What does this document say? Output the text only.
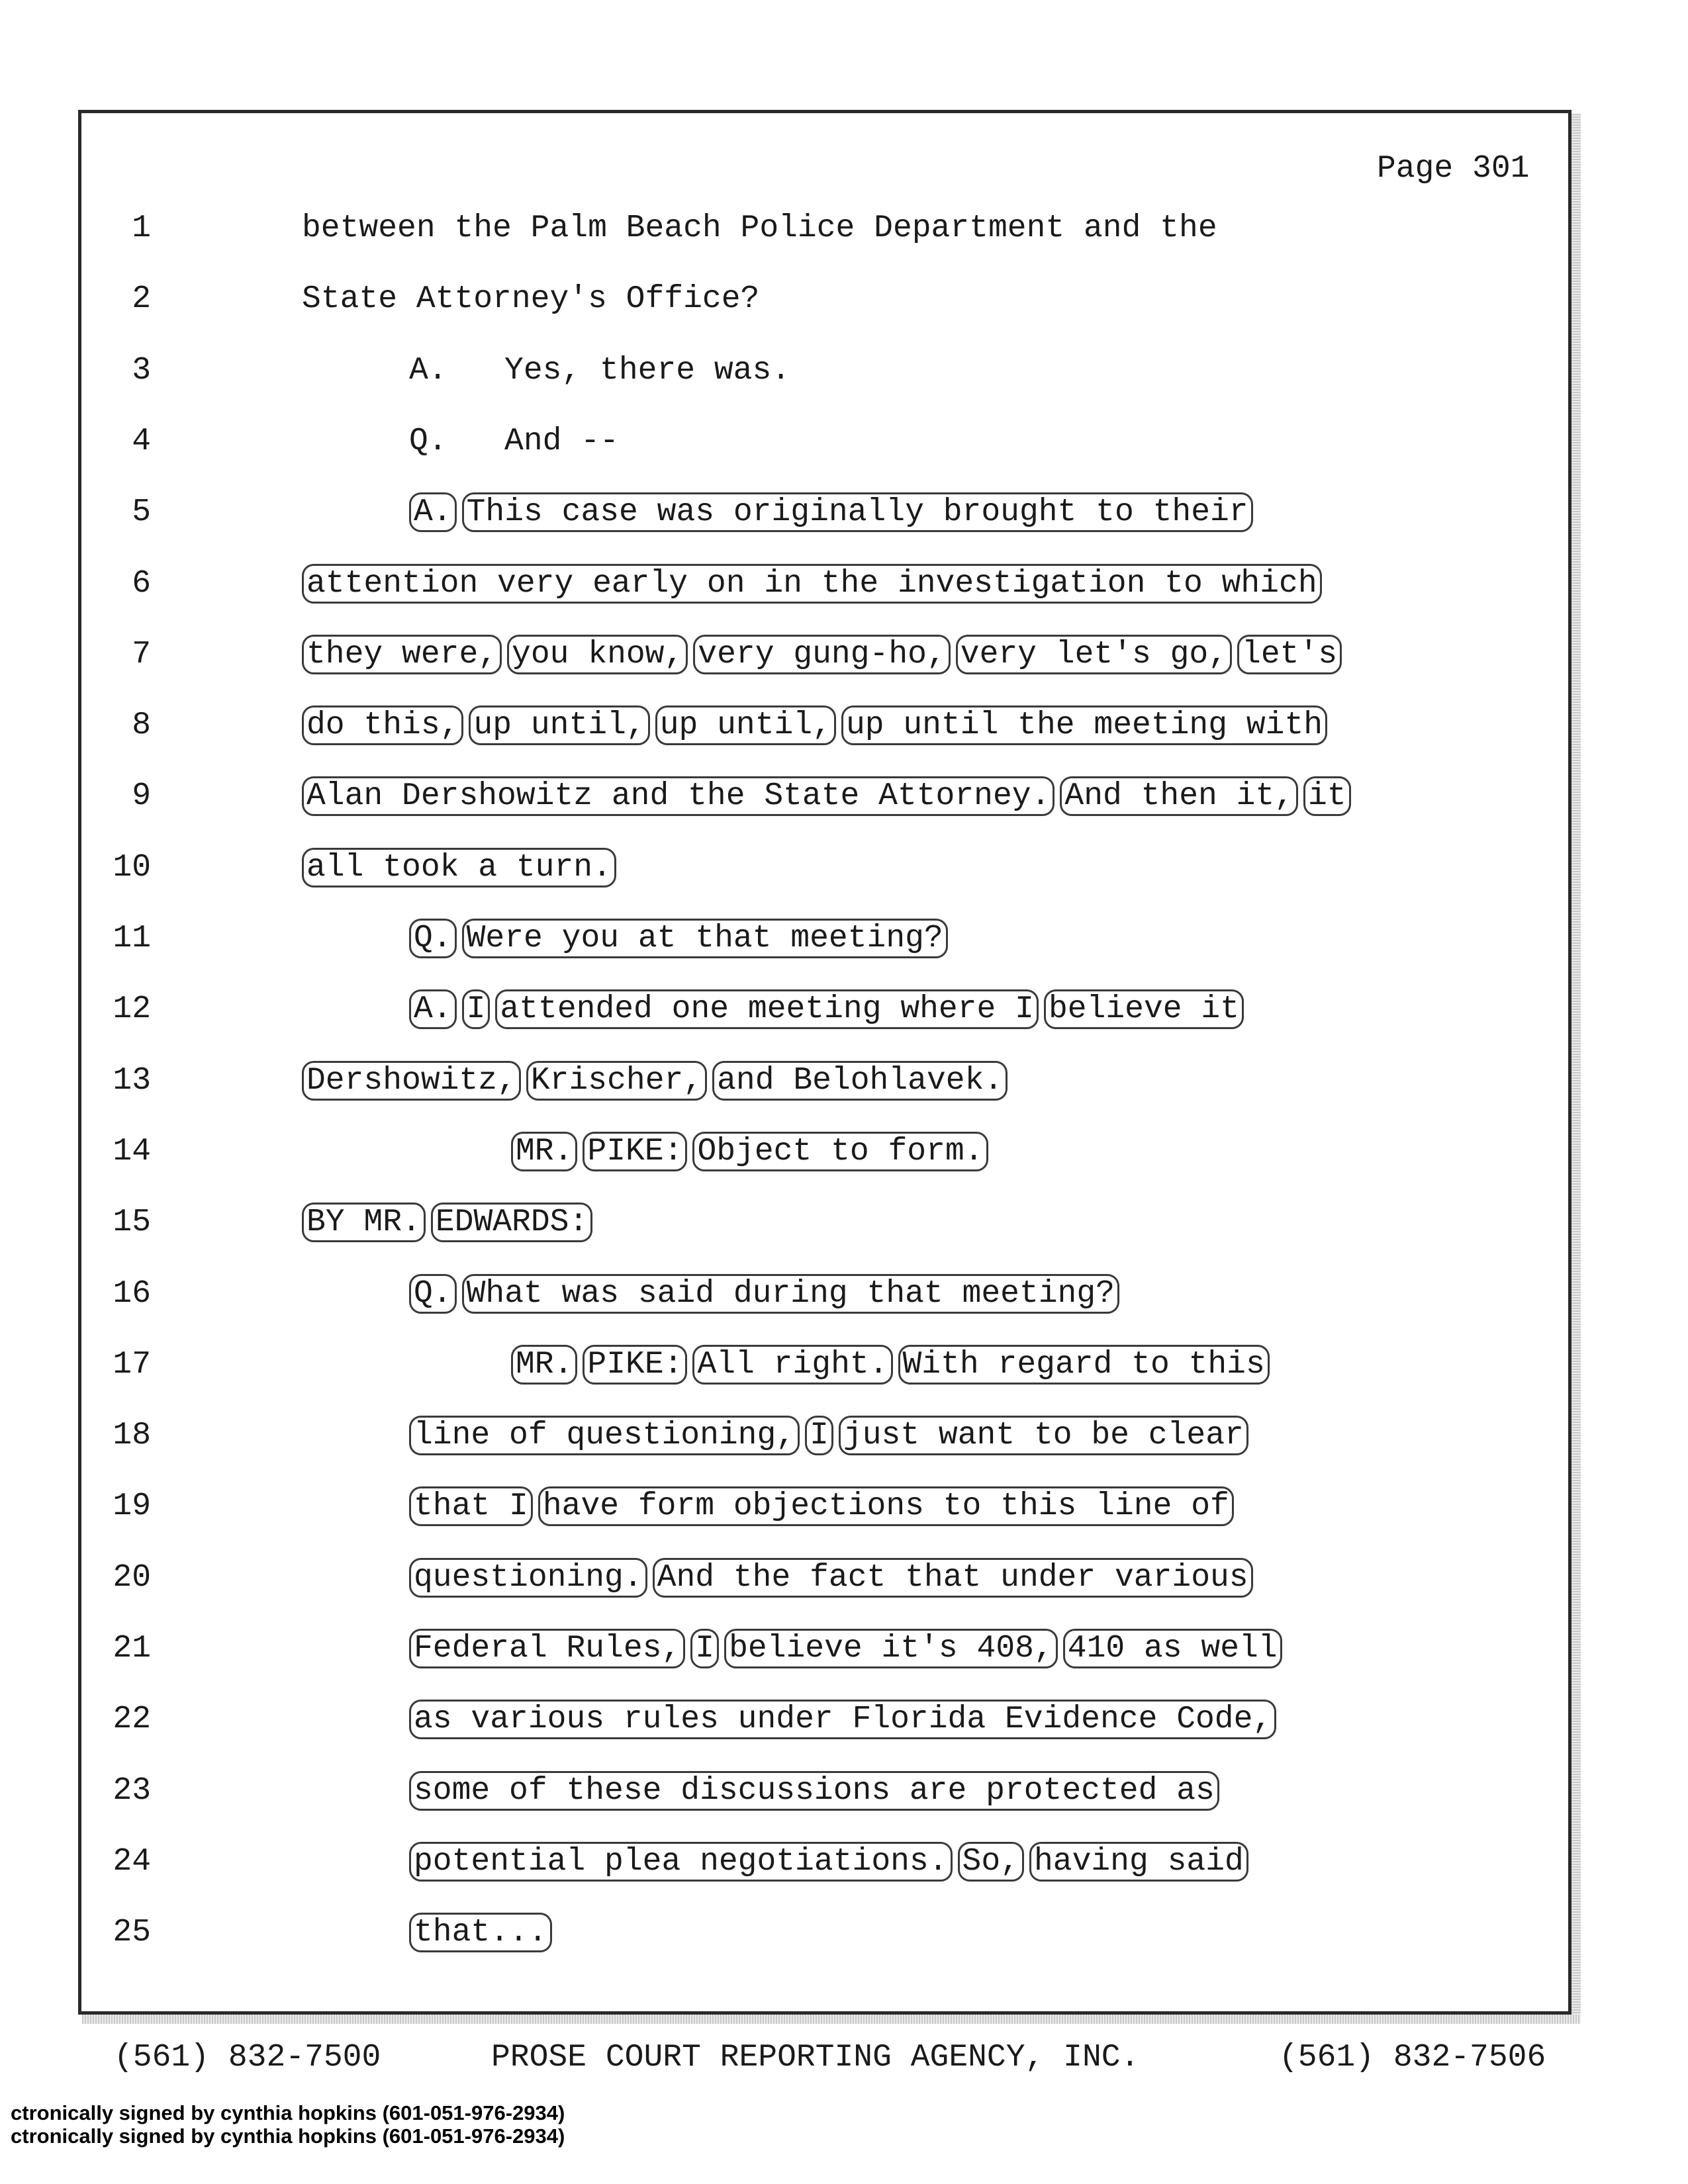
Page 301
1	between the Palm Beach Police Department and the
2	State Attorney's Office?
3	A.   Yes, there was.
4	Q.   And --
5	A. This case was originally brought to their
6	attention very early on in the investigation to which
7	they were, you know, very gung-ho, very let's go, let's
8	do this, up until, up until, up until the meeting with
9	Alan Dershowitz and the State Attorney. And then it, it
10	all took a turn.
11	Q. Were you at that meeting?
12	A. I attended one meeting where I believe it
13	Dershowitz, Krischer, and Belohlavek.
14	MR. PIKE: Object to form.
15	BY MR. EDWARDS:
16	Q. What was said during that meeting?
17	MR. PIKE: All right. With regard to this
18	line of questioning, I just want to be clear
19	that I have form objections to this line of
20	questioning. And the fact that under various
21	Federal Rules, I believe it's 408, 410 as well
22	as various rules under Florida Evidence Code,
23	some of these discussions are protected as
24	potential plea negotiations. So, having said
25	that...
(561) 832-7500	PROSE COURT REPORTING AGENCY, INC.	(561) 832-7506
ctronically signed by cynthia hopkins (601-051-976-2934)
ctronically signed by cynthia hopkins (601-051-976-2934)
